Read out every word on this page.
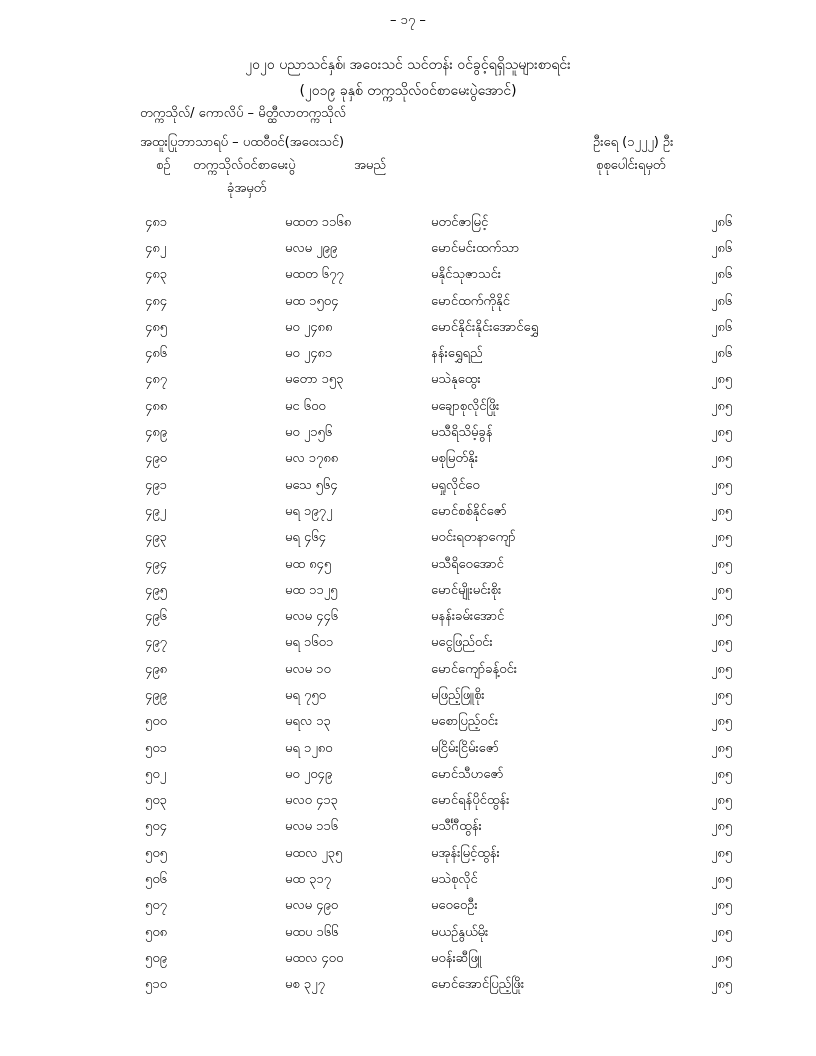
– ၁၇ –
၂၀၂၀ ပညာသင်နှစ်၊ အဝေးသင် သင်တန်း ဝင်ခွင့်ရရှိသူများစာရင်း
(၂၀၁၉ ခုနှစ် တက္ကသိုလ်ဝင်စာမေးပွဲအောင်)
တက္ကသိုလ်/ ကောလိပ် – မိတ္ထီလာတက္ကသိုလ်
အထူးပြုဘာသာရပ် – ပထဝီဝင်(အဝေးသင်)	ဦးရေ (၁၂၂၂) ဦး
စဉ် တက္ကသိုလ်ဝင်စာမေးပွဲ
ခုံအမှတ်
အမည်	စုစုပေါင်းရမှတ်
၄၈၁	မထတ ၁၁၆၈	မတင်ဇာမြင့်	၂၈၆
၄၈၂	မလမ ၂၉၉	မောင်မင်းထက်သာ	၂၈၆
၄၈၃	မထတ ၆၇၇	မနိုင်သုဇာသင်း	၂၈၆
၄၈၄	မထ ၁၅၀၄	မောင်ထက်ကိုနိုင်	၂၈၆
၄၈၅	မဝ ၂၄၈၈	မောင်နိုင်းနိုင်းအောင်ရွှေ	၂၈၆
၄၈၆	မဝ ၂၄၈၁	နန်းရွှေရည်	၂၈၆
၄၈၇	မတော ၁၅၃	မသဲနုထွေး	၂၈၅
၄၈၈	မင ၆၀၀	မချောစုလိုင်ဖြိုး	၂၈၅
၄၈၉	မဝ ၂၁၅၆	မသီရိသိမ့်ခွန်	၂၈၅
၄၉၀	မလ ၁၇၈၈	မစုမြတ်နိုး	၂၈၅
၄၉၁	မသေ ၅၆၄	မရှုလိုင်ဝေ	၂၈၅
၄၉၂	မရ ၁၉၇၂	မောင်စစ်နိုင်ဇော်	၂၈၅
၄၉၃	မရ ၄၆၄	မဝင်းရတနာကျော်	၂၈၅
၄၉၄	မထ ၈၄၅	မသီရိဝေအောင်	၂၈၅
၄၉၅	မထ ၁၁၂၅	မောင်မျိုးမင်းစိုး	၂၈၅
၄၉၆	မလမ ၄၄၆	မနန်းခမ်းအောင်	၂၈၅
၄၉၇	မရ ၁၆၀၁	မငွေဖြည်ဝင်း	၂၈၅
၄၉၈	မလမ ၁၀	မောင်ကျော်ခန့်ဝင်း	၂၈၅
၄၉၉	မရ ၇၅၀	မဖြည့်ဖြူစိုး	၂၈၅
၅၀၀	မရလ ၁၃	မစောပြည့်ဝင်း	၂၈၅
၅၀၁	မရ ၁၂၈၀	မငြိမ်းငြိမ်းဇော်	၂၈၅
၅၀၂	မဝ ၂၀၄၉	မောင်သီဟဇော်	၂၈၅
၅၀၃	မလဝ ၄၁၃	မောင်ရန်ပိုင်ထွန်း	၂၈၅
၅၀၄	မလမ ၁၁၆	မသီင်္ဂီထွန်း	၂၈၅
၅၀၅	မထလ ၂၃၅	မအုန်းမြင့်ထွန်း	၂၈၅
၅၀၆	မထ ၃၁၇	မသဲစုလိုင်	၂၈၅
၅၀၇	မလမ ၄၉၀	မဝေဝေဦး	၂၈၅
၅၀၈	မထပ ၁၆၆	မယဉ်နွယ်မိုး	၂၈၅
၅၀၉	မထလ ၄၀၀	မဝန်းဆီဖြူ	၂၈၅
၅၁၀	မစ ၃၂၇	မောင်အောင်ပြည့်ဖြိုး	၂၈၅
